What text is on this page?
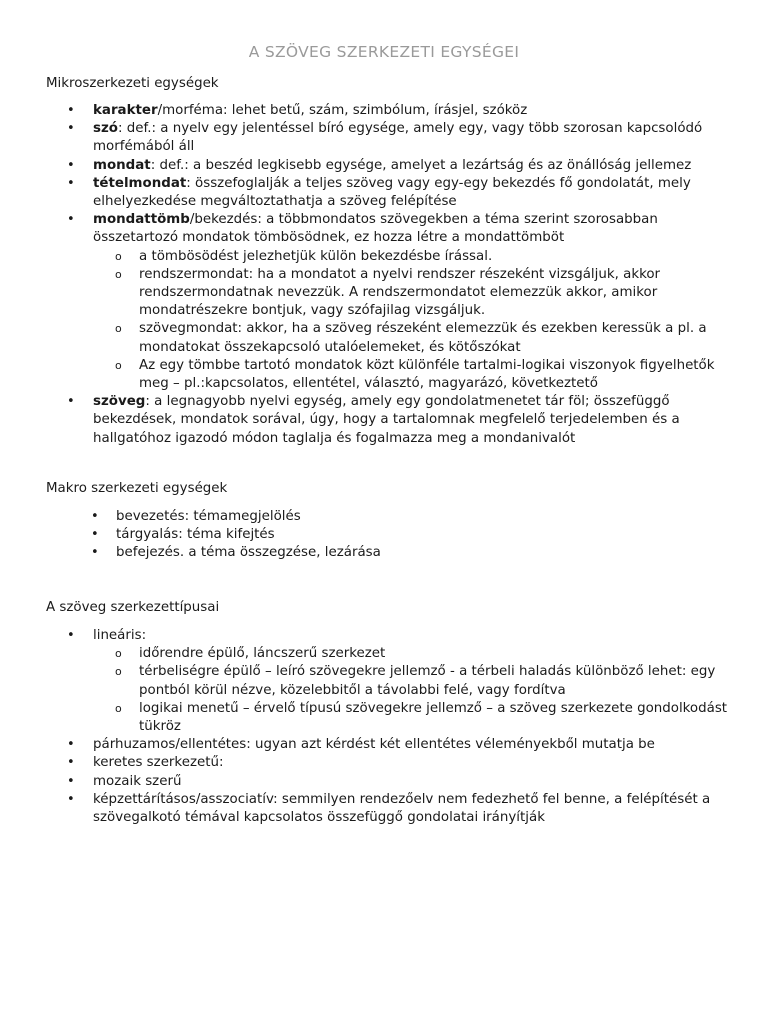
A SZÖVEG SZERKEZETI EGYSÉGEI
Mikroszerkezeti egységek
• karakter/morféma: lehet betű, szám, szimbólum, írásjel, szóköz
• szó: def.: a nyelv egy jelentéssel bíró egysége, amely egy, vagy több szorosan kapcsolódó morfémából áll
• mondat: def.: a beszéd legkisebb egysége, amelyet a lezártság és az önállóság jellemez
• tételmondat: összefoglalják a teljes szöveg vagy egy-egy bekezdés fő gondolatát, mely elhelyezkedése megváltoztathatja a szöveg felépítése
• mondattömb/bekezdés: a többmondatos szövegekben a téma szerint szorosabban összetartozó mondatok tömbösödnek, ez hozza létre a mondattömböt
o a tömbösödést jelezhetjük külön bekezdésbe írással.
o rendszermondat: ha a mondatot a nyelvi rendszer részeként vizsgáljuk, akkor rendszermondatnak nevezzük. A rendszermondatot elemezzük akkor, amikor mondatrészekre bontjuk, vagy szófajilag vizsgáljuk.
o szövegmondat: akkor, ha a szöveg részeként elemezzük és ezekben keressük a pl. a mondatokat összekapcsoló utalóelemeket, és kötőszókat
o Az egy tömbbe tartotó mondatok közt különféle tartalmi-logikai viszonyok figyelhetők meg – pl.:kapcsolatos, ellentétel, választó, magyarázó, következtető
• szöveg: a legnagyobb nyelvi egység, amely egy gondolatmenetet tár föl; összefüggő bekezdések, mondatok sorával, úgy, hogy a tartalomnak megfelelő terjedelemben és a hallgatóhoz igazodó módon taglalja és fogalmazza meg a mondanivalót
Makro szerkezeti egységek
• bevezetés: témamegjelölés
• tárgyalás: téma kifejtés
• befejezés. a téma összegzése, lezárása
A szöveg szerkezettípusai
• lineáris:
o időrendre épülő, láncszerű szerkezet
o térbeliségre épülő – leíró szövegekre jellemző - a térbeli haladás különböző lehet: egy pontból körül nézve, közelebbitől a távolabbi felé, vagy fordítva
o logikai menetű – érvelő típusú szövegekre jellemző – a szöveg szerkezete gondolkodást tükröz
• párhuzamos/ellentétes: ugyan azt kérdést két ellentétes véleményekből mutatja be
• keretes szerkezetű:
• mozaik szerű
• képzettárításos/asszociatív: semmilyen rendezőelv nem fedezhető fel benne, a felépítését a szövegalkotó témával kapcsolatos összefüggő gondolatai irányítják
